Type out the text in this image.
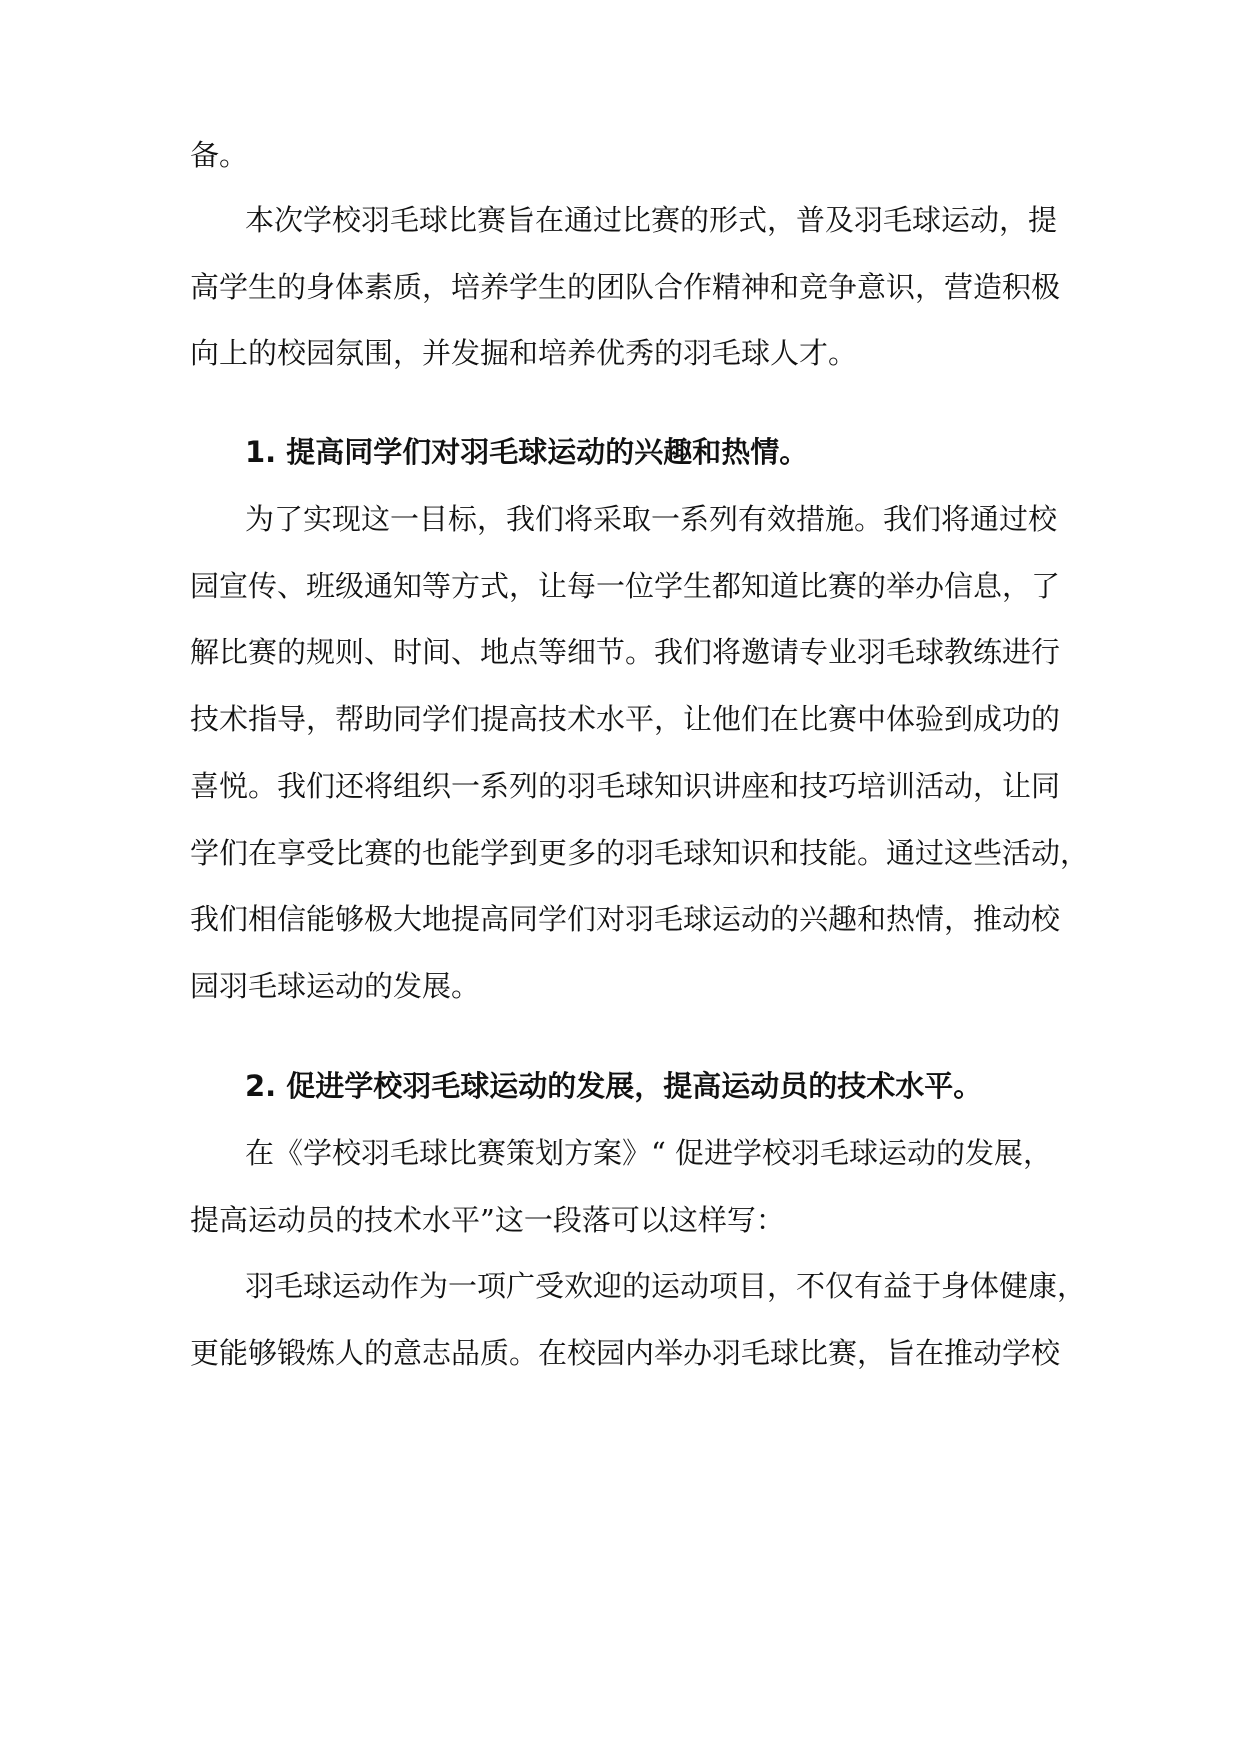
备。

本次学校羽毛球比赛旨在通过比赛的形式，普及羽毛球运动，提

高学生的身体素质，培养学生的团队合作精神和竞争意识，营造积极

向上的校园氛围，并发掘和培养优秀的羽毛球人才。

1. 提高同学们对羽毛球运动的兴趣和热情。

为了实现这一目标，我们将采取一系列有效措施。我们将通过校

园宣传、班级通知等方式，让每一位学生都知道比赛的举办信息，了

解比赛的规则、时间、地点等细节。我们将邀请专业羽毛球教练进行

技术指导，帮助同学们提高技术水平，让他们在比赛中体验到成功的

喜悦。我们还将组织一系列的羽毛球知识讲座和技巧培训活动，让同

学们在享受比赛的也能学到更多的羽毛球知识和技能。通过这些活动，

我们相信能够极大地提高同学们对羽毛球运动的兴趣和热情，推动校

园羽毛球运动的发展。

2. 促进学校羽毛球运动的发展，提高运动员的技术水平。

在《学校羽毛球比赛策划方案》“ 促进学校羽毛球运动的发展，

提高运动员的技术水平”这一段落可以这样写：

羽毛球运动作为一项广受欢迎的运动项目，不仅有益于身体健康，

更能够锻炼人的意志品质。在校园内举办羽毛球比赛，旨在推动学校
